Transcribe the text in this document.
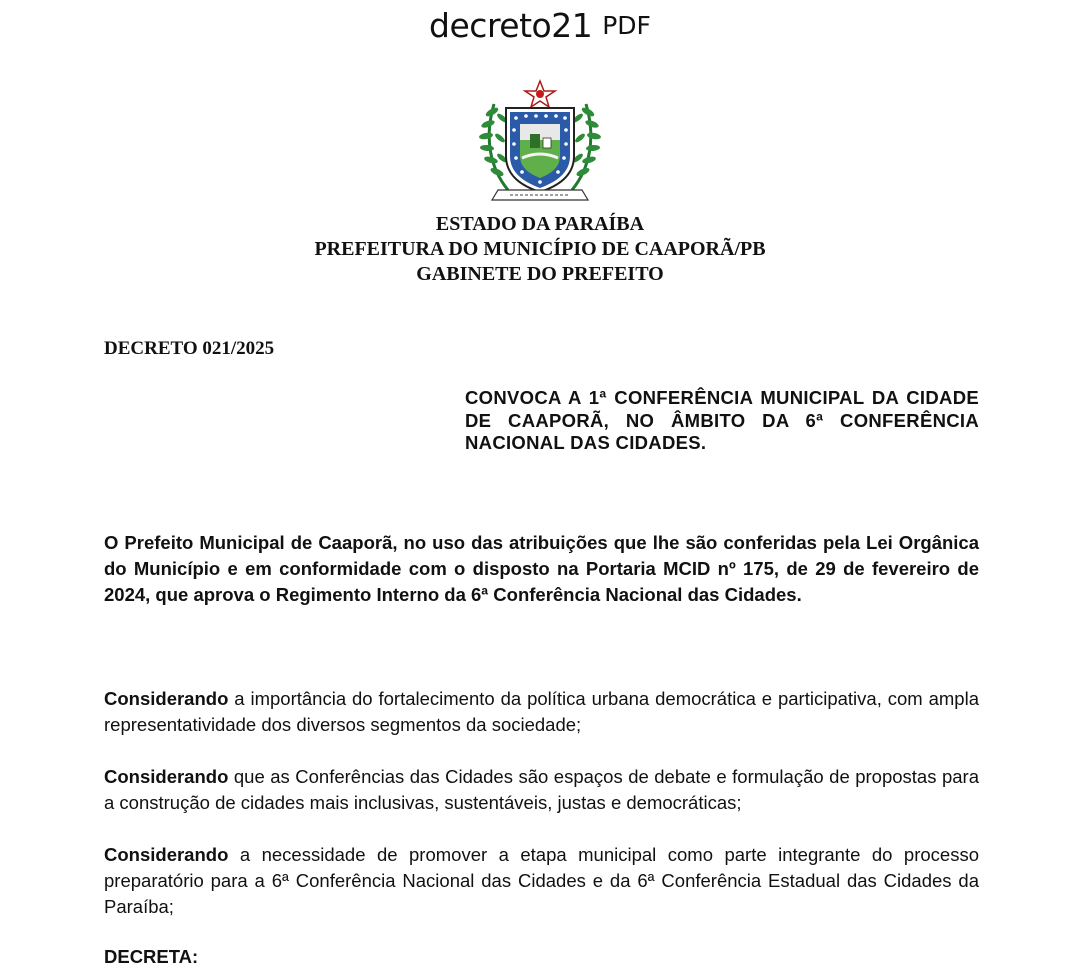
decreto21 PDF
ESTADO DA PARAÍBA
PREFEITURA DO MUNICÍPIO DE CAAPORÃ/PB
GABINETE DO PREFEITO
DECRETO 021/2025
CONVOCA A 1ª CONFERÊNCIA MUNICIPAL DA CIDADE DE CAAPORÃ, NO ÂMBITO DA 6ª CONFERÊNCIA NACIONAL DAS CIDADES.
O Prefeito Municipal de Caaporã, no uso das atribuições que lhe são conferidas pela Lei Orgânica do Município e em conformidade com o disposto na Portaria MCID nº 175, de 29 de fevereiro de 2024, que aprova o Regimento Interno da 6ª Conferência Nacional das Cidades.
Considerando a importância do fortalecimento da política urbana democrática e participativa, com ampla representatividade dos diversos segmentos da sociedade;
Considerando que as Conferências das Cidades são espaços de debate e formulação de propostas para a construção de cidades mais inclusivas, sustentáveis, justas e democráticas;
Considerando a necessidade de promover a etapa municipal como parte integrante do processo preparatório para a 6ª Conferência Nacional das Cidades e da 6ª Conferência Estadual das Cidades da Paraíba;
DECRETA:
